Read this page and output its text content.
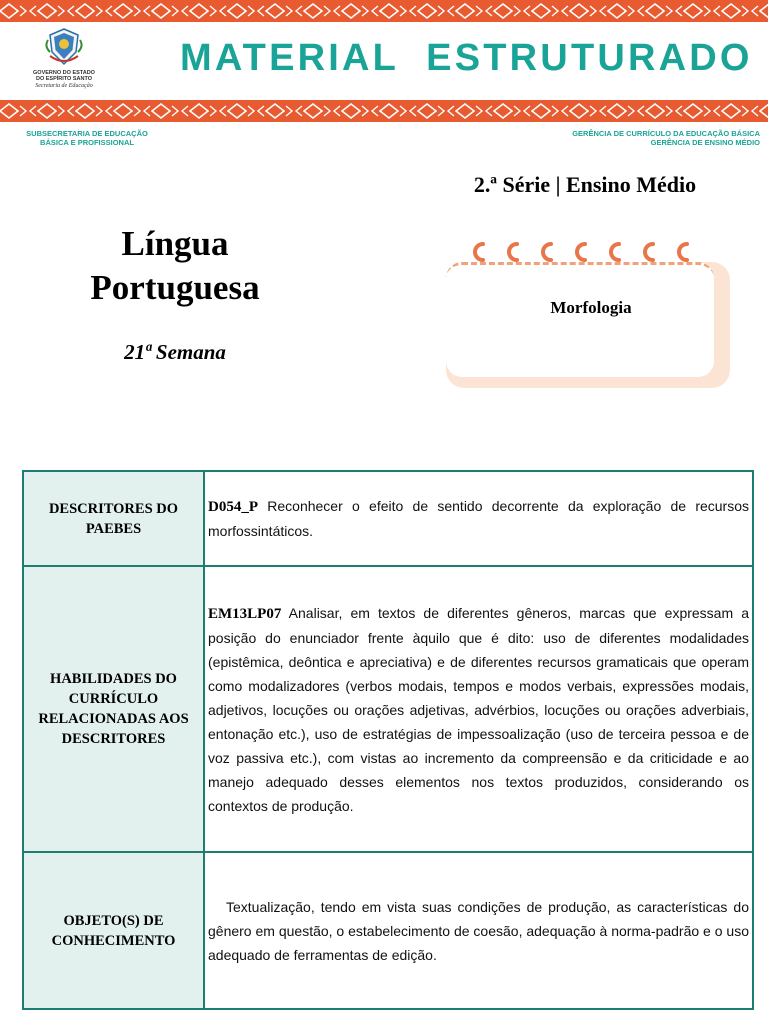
GOVERNO DO ESTADO DO ESPÍRITO SANTO
Secretaria de Educação
MATERIAL ESTRUTURADO
SUBSECRETARIA DE EDUCAÇÃO BÁSICA E PROFISSIONAL
GERÊNCIA DE CURRÍCULO DA EDUCAÇÃO BÁSICA
GERÊNCIA DE ENSINO MÉDIO
2.ª Série | Ensino Médio
Língua
Portuguesa
21ª Semana
Morfologia
DESCRITORES DO PAEBES	D054_P Reconhecer o efeito de sentido decorrente da exploração de recursos morfossintáticos.
HABILIDADES DO CURRÍCULO RELACIONADAS AOS DESCRITORES	EM13LP07 Analisar, em textos de diferentes gêneros, marcas que expressam a posição do enunciador frente àquilo que é dito: uso de diferentes modalidades (epistêmica, deôntica e apreciativa) e de diferentes recursos gramaticais que operam como modalizadores (verbos modais, tempos e modos verbais, expressões modais, adjetivos, locuções ou orações adjetivas, advérbios, locuções ou orações adverbiais, entonação etc.), uso de estratégias de impessoalização (uso de terceira pessoa e de voz passiva etc.), com vistas ao incremento da compreensão e da criticidade e ao manejo adequado desses elementos nos textos produzidos, considerando os contextos de produção.
OBJETO(S) DE CONHECIMENTO	Textualização, tendo em vista suas condições de produção, as características do gênero em questão, o estabelecimento de coesão, adequação à norma-padrão e o uso adequado de ferramentas de edição.
